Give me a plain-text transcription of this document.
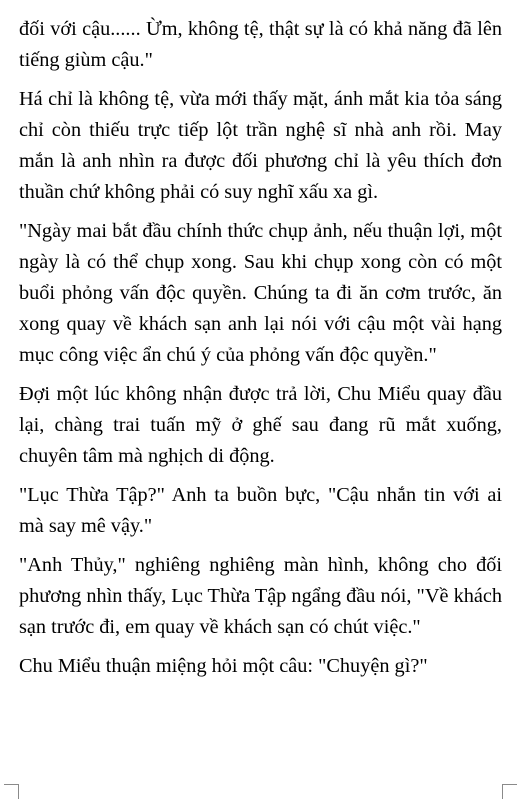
đối với cậu...... Ừm, không tệ, thật sự là có khả năng đã lên tiếng giùm cậu."

Há chỉ là không tệ, vừa mới thấy mặt, ánh mắt kia tỏa sáng chỉ còn thiếu trực tiếp lột trần nghệ sĩ nhà anh rồi. May mắn là anh nhìn ra được đối phương chỉ là yêu thích đơn thuần chứ không phải có suy nghĩ xấu xa gì.

"Ngày mai bắt đầu chính thức chụp ảnh, nếu thuận lợi, một ngày là có thể chụp xong. Sau khi chụp xong còn có một buổi phỏng vấn độc quyền. Chúng ta đi ăn cơm trước, ăn xong quay về khách sạn anh lại nói với cậu một vài hạng mục công việc ẩn chú ý của phỏng vấn độc quyền."

Đợi một lúc không nhận được trả lời, Chu Miểu quay đầu lại, chàng trai tuấn mỹ ở ghế sau đang rũ mắt xuống, chuyên tâm mà nghịch di động.

"Lục Thừa Tập?" Anh ta buồn bực, "Cậu nhắn tin với ai mà say mê vậy."

"Anh Thủy," nghiêng nghiêng màn hình, không cho đối phương nhìn thấy, Lục Thừa Tập ngẩng đầu nói, "Về khách sạn trước đi, em quay về khách sạn có chút việc."

Chu Miểu thuận miệng hỏi một câu: "Chuyện gì?"
